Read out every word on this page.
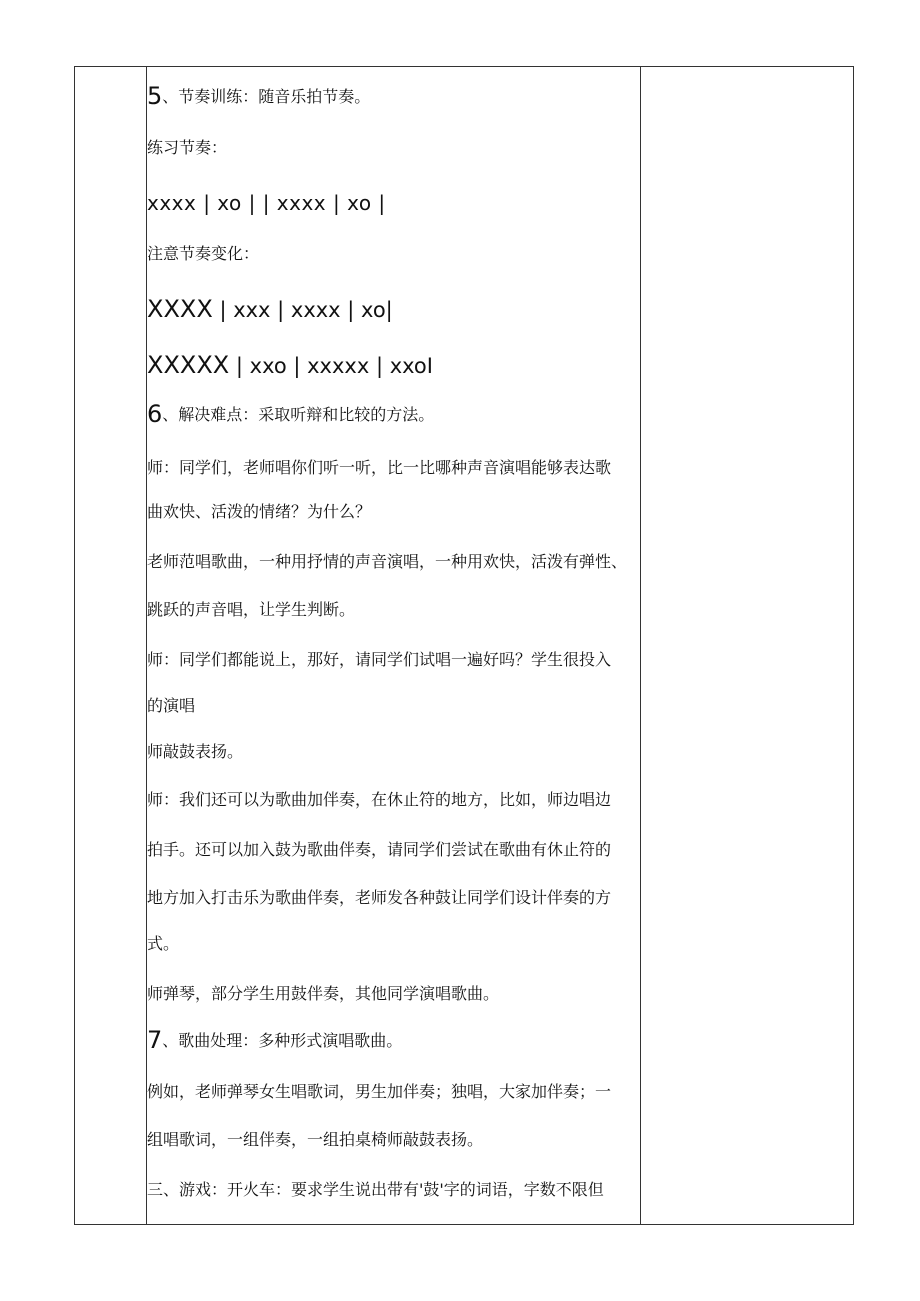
5、节奏训练：随音乐拍节奏。
练习节奏：
xxxx | xo | | xxxx | xo |
注意节奏变化：
XXXX | xxx | xxxx | xo|
XXXXX | xxo | xxxxx | xxoI
6、解决难点：采取听辩和比较的方法。
师：同学们，老师唱你们听一听，比一比哪种声音演唱能够表达歌
曲欢快、活泼的情绪？为什么？
老师范唱歌曲，一种用抒情的声音演唱，一种用欢快，活泼有弹性、
跳跃的声音唱，让学生判断。
师：同学们都能说上，那好，请同学们试唱一遍好吗？学生很投入
的演唱
师敲鼓表扬。
师：我们还可以为歌曲加伴奏，在休止符的地方，比如，师边唱边
拍手。还可以加入鼓为歌曲伴奏，请同学们尝试在歌曲有休止符的
地方加入打击乐为歌曲伴奏，老师发各种鼓让同学们设计伴奏的方
式。
师弹琴，部分学生用鼓伴奏，其他同学演唱歌曲。
7、歌曲处理：多种形式演唱歌曲。
例如，老师弹琴女生唱歌词，男生加伴奏；独唱，大家加伴奏；一
组唱歌词，一组伴奏，一组拍桌椅师敲鼓表扬。
三、游戏：开火车：要求学生说出带有'鼓'字的词语，字数不限但
